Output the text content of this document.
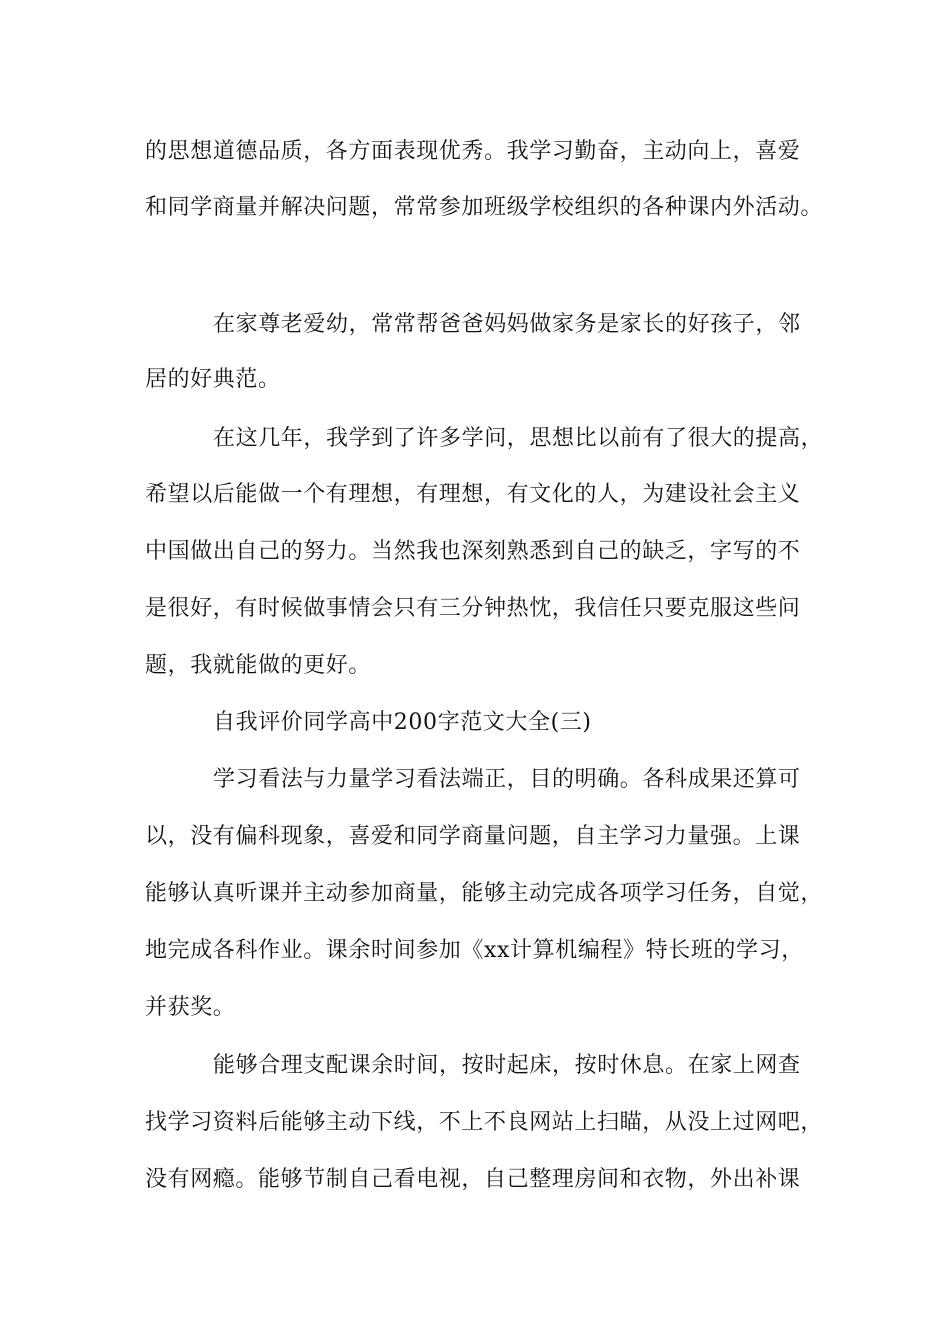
的思想道德品质，各方面表现优秀。我学习勤奋，主动向上，喜爱
和同学商量并解决问题，常常参加班级学校组织的各种课内外活动。
在家尊老爱幼，常常帮爸爸妈妈做家务是家长的好孩子，邻
居的好典范。
在这几年，我学到了许多学问，思想比以前有了很大的提高，
希望以后能做一个有理想，有理想，有文化的人，为建设社会主义
中国做出自己的努力。当然我也深刻熟悉到自己的缺乏，字写的不
是很好，有时候做事情会只有三分钟热忱，我信任只要克服这些问
题，我就能做的更好。
自我评价同学高中200字范文大全(三)
学习看法与力量学习看法端正，目的明确。各科成果还算可
以，没有偏科现象，喜爱和同学商量问题，自主学习力量强。上课
能够认真听课并主动参加商量，能够主动完成各项学习任务，自觉，
地完成各科作业。课余时间参加《xx计算机编程》特长班的学习，
并获奖。
能够合理支配课余时间，按时起床，按时休息。在家上网查
找学习资料后能够主动下线，不上不良网站上扫瞄，从没上过网吧，
没有网瘾。能够节制自己看电视，自己整理房间和衣物，外出补课
